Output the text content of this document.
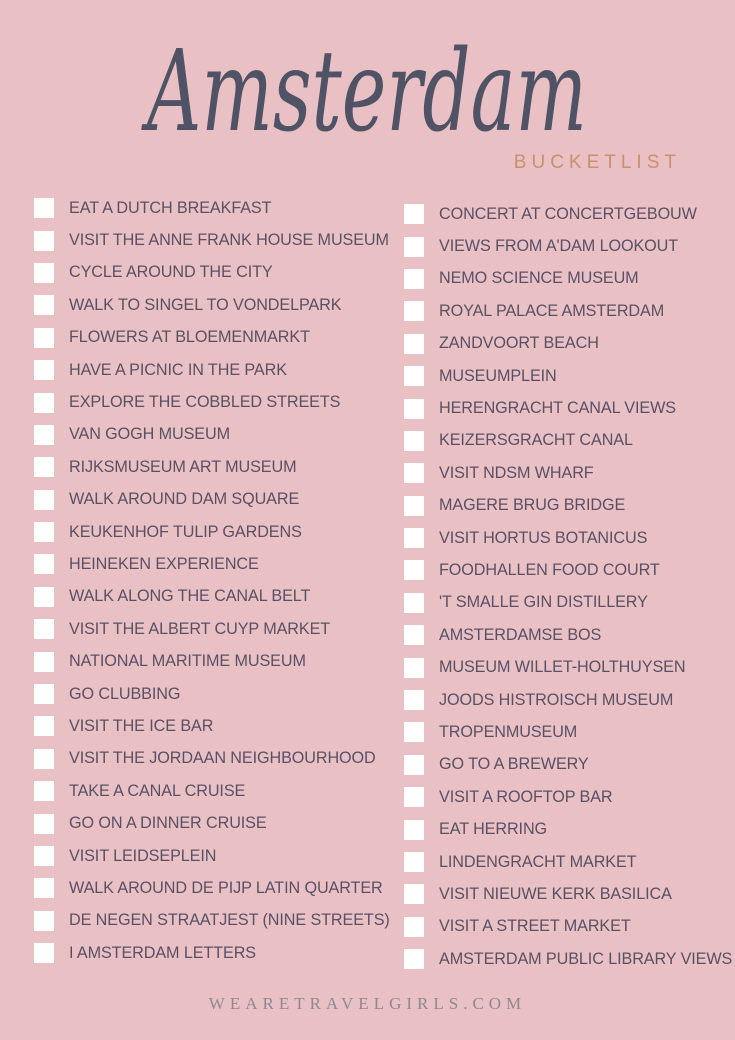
Amsterdam
BUCKETLIST
EAT A DUTCH BREAKFAST
VISIT THE ANNE FRANK HOUSE MUSEUM
CYCLE AROUND THE CITY
WALK TO SINGEL TO VONDELPARK
FLOWERS AT BLOEMENMARKT
HAVE A PICNIC IN THE PARK
EXPLORE THE COBBLED STREETS
VAN GOGH MUSEUM
RIJKSMUSEUM ART MUSEUM
WALK AROUND DAM SQUARE
KEUKENHOF TULIP GARDENS
HEINEKEN EXPERIENCE
WALK ALONG THE CANAL BELT
VISIT THE ALBERT CUYP MARKET
NATIONAL MARITIME MUSEUM
GO CLUBBING
VISIT THE ICE BAR
VISIT THE JORDAAN NEIGHBOURHOOD
TAKE A CANAL CRUISE
GO ON A DINNER CRUISE
VISIT LEIDSEPLEIN
WALK AROUND DE PIJP LATIN QUARTER
DE NEGEN STRAATJEST (NINE STREETS)
I AMSTERDAM LETTERS
CONCERT AT CONCERTGEBOUW
VIEWS FROM A'DAM LOOKOUT
NEMO SCIENCE MUSEUM
ROYAL PALACE AMSTERDAM
ZANDVOORT BEACH
MUSEUMPLEIN
HERENGRACHT CANAL VIEWS
KEIZERSGRACHT CANAL
VISIT NDSM WHARF
MAGERE BRUG BRIDGE
VISIT HORTUS BOTANICUS
FOODHALLEN FOOD COURT
'T SMALLE GIN DISTILLERY
AMSTERDAMSE BOS
MUSEUM WILLET-HOLTHUYSEN
JOODS HISTROISCH MUSEUM
TROPENMUSEUM
GO TO A BREWERY
VISIT A ROOFTOP BAR
EAT HERRING
LINDENGRACHT MARKET
VISIT NIEUWE KERK BASILICA
VISIT A STREET MARKET
AMSTERDAM PUBLIC LIBRARY VIEWS
WEARETRAVELGIRLS.COM
